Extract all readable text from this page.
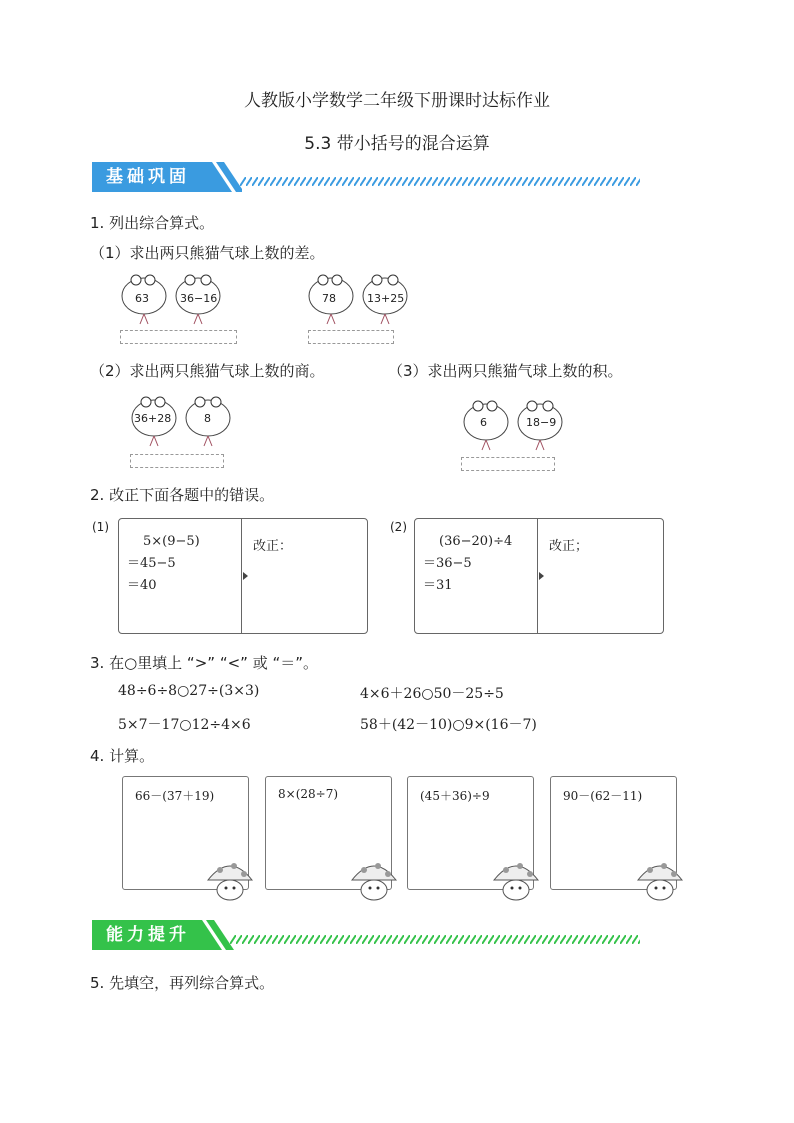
人教版小学数学二年级下册课时达标作业
5.3 带小括号的混合运算
基础巩固
1. 列出综合算式。
（1）求出两只熊猫气球上数的差。
63	36−16	78	13+25
（2）求出两只熊猫气球上数的商。	（3）求出两只熊猫气球上数的积。
36+28	8	6	18−9
2. 改正下面各题中的错误。
(1)
5×(9−5)
＝45−5
＝40
改正：
(2)
(36−20)÷4
＝36−5
＝31
改正；
3. 在○里填上 “>” “<” 或 “＝”。
48÷6÷8○27÷(3×3)	4×6＋26○50－25÷5
5×7－17○12÷4×6	58＋(42－10)○9×(16－7)
4. 计算。
66－(37＋19)	8×(28÷7)	(45＋36)÷9	90－(62－11)
能力提升
5. 先填空，再列综合算式。
